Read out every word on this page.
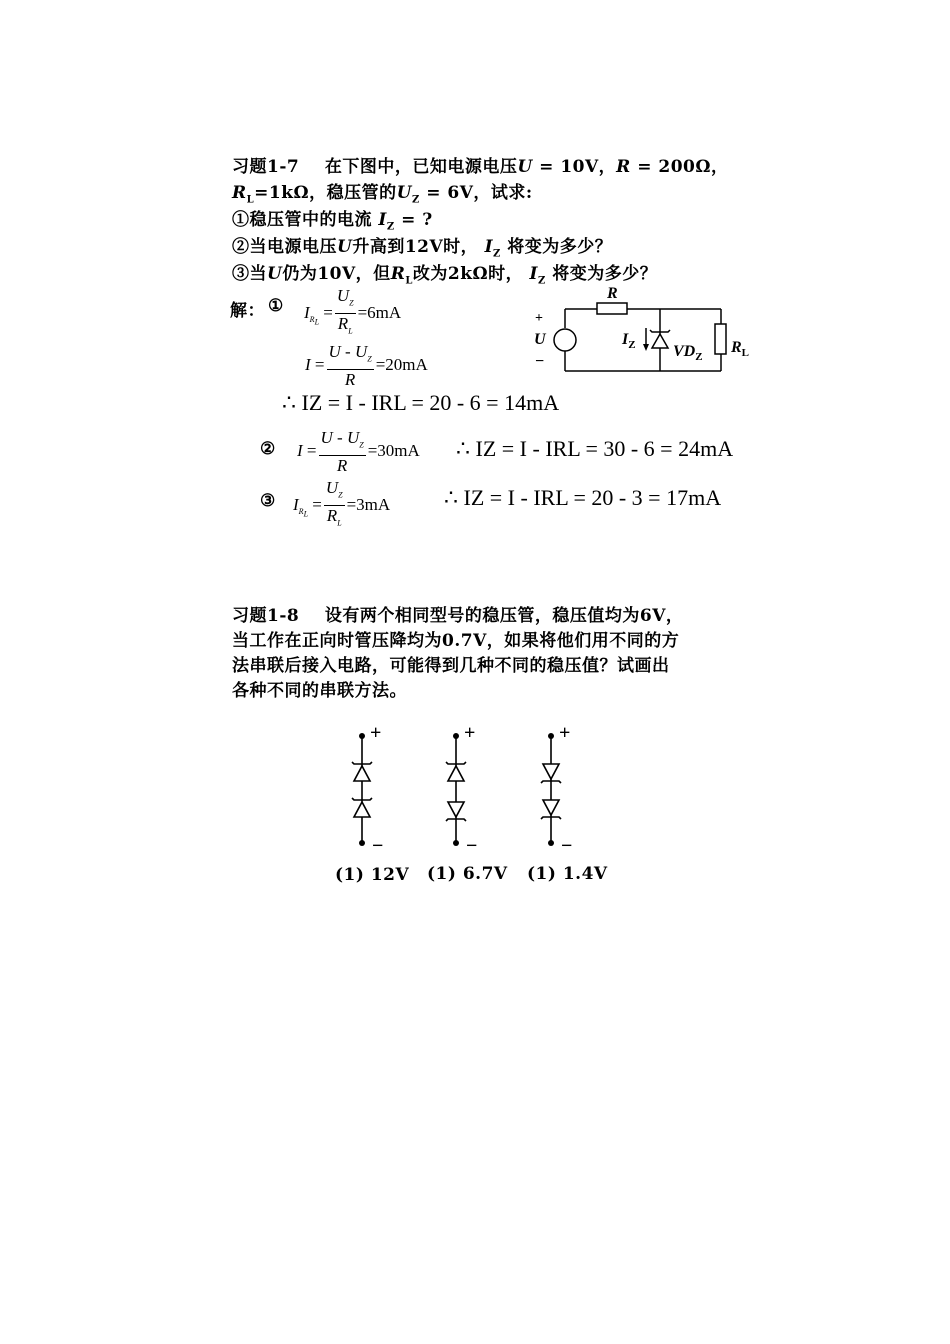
习题1-7    在下图中，已知电源电压U = 10V，R = 200Ω，
$R_L=1k\Omega$，稳压管的$U_Z = 6V$，试求:
①稳压管中的电流 $I_Z$ = ?
②当电源电压U升高到12V时， $I_Z$ 将变为多少？
③当U仍为10V，但$R_L$改为2kΩ时， $I_Z$ 将变为多少？
解： ① $I_{R_L} = \frac{U_Z}{R_L} =6mA$
$I = \frac{U - U_Z}{R} =20mA$
∴ IZ = I - IRL = 20 - 6 = 14mA
② $I = \frac{U - U_Z}{R} =30mA$ ∴ IZ = I - IRL = 30 - 6 = 24mA
③ $I_{R_L} = \frac{U_Z}{R_L} =3mA$ ∴ IZ = I - IRL = 20 - 3 = 17mA
R
+
U
−
$I_Z$ $VD_Z$
$R_L$
习题1-8 设有两个相同型号的稳压管，稳压值均为6V，
当工作在正向时管压降均为0.7V，如果将他们用不同的方
法串联后接入电路，可能得到几种不同的稳压值？试画出
各种不同的串联方法。
+
−
+
−
+
−
(1) 12V (1) 6.7V (1) 1.4V
